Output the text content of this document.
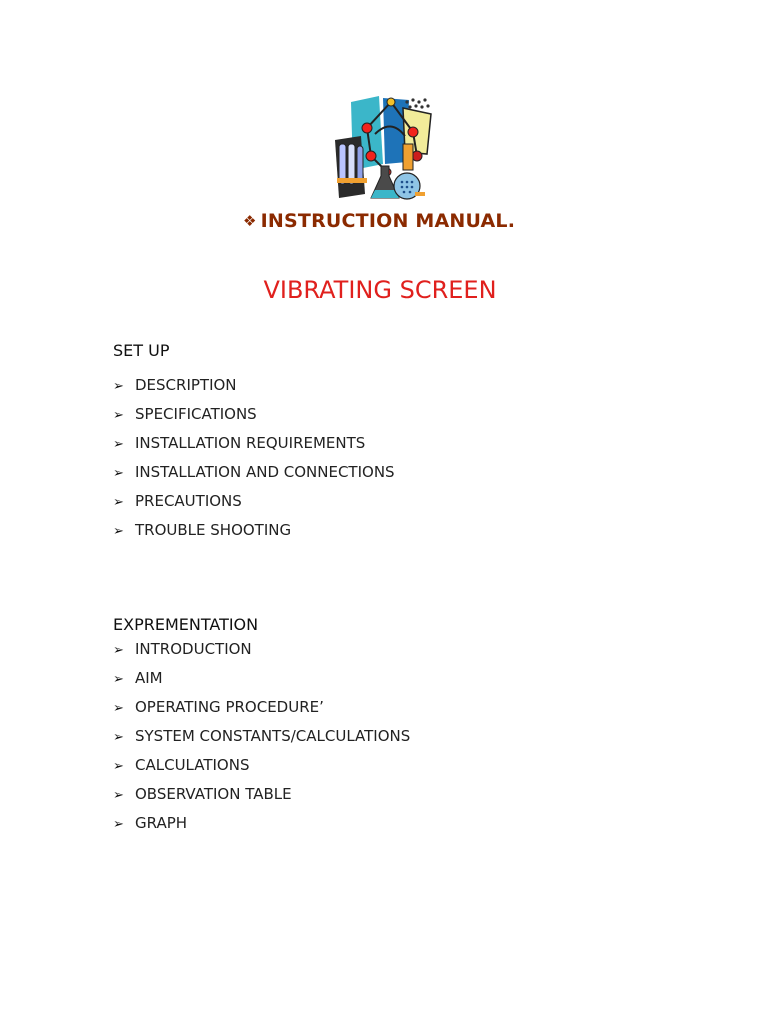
❖ INSTRUCTION MANUAL.
VIBRATING SCREEN
SET UP
➢ DESCRIPTION
➢ SPECIFICATIONS
➢ INSTALLATION REQUIREMENTS
➢ INSTALLATION AND CONNECTIONS
➢ PRECAUTIONS
➢ TROUBLE SHOOTING
EXPREMENTATION
➢ INTRODUCTION
➢ AIM
➢ OPERATING PROCEDURE’
➢ SYSTEM CONSTANTS/CALCULATIONS
➢ CALCULATIONS
➢ OBSERVATION TABLE
➢ GRAPH
